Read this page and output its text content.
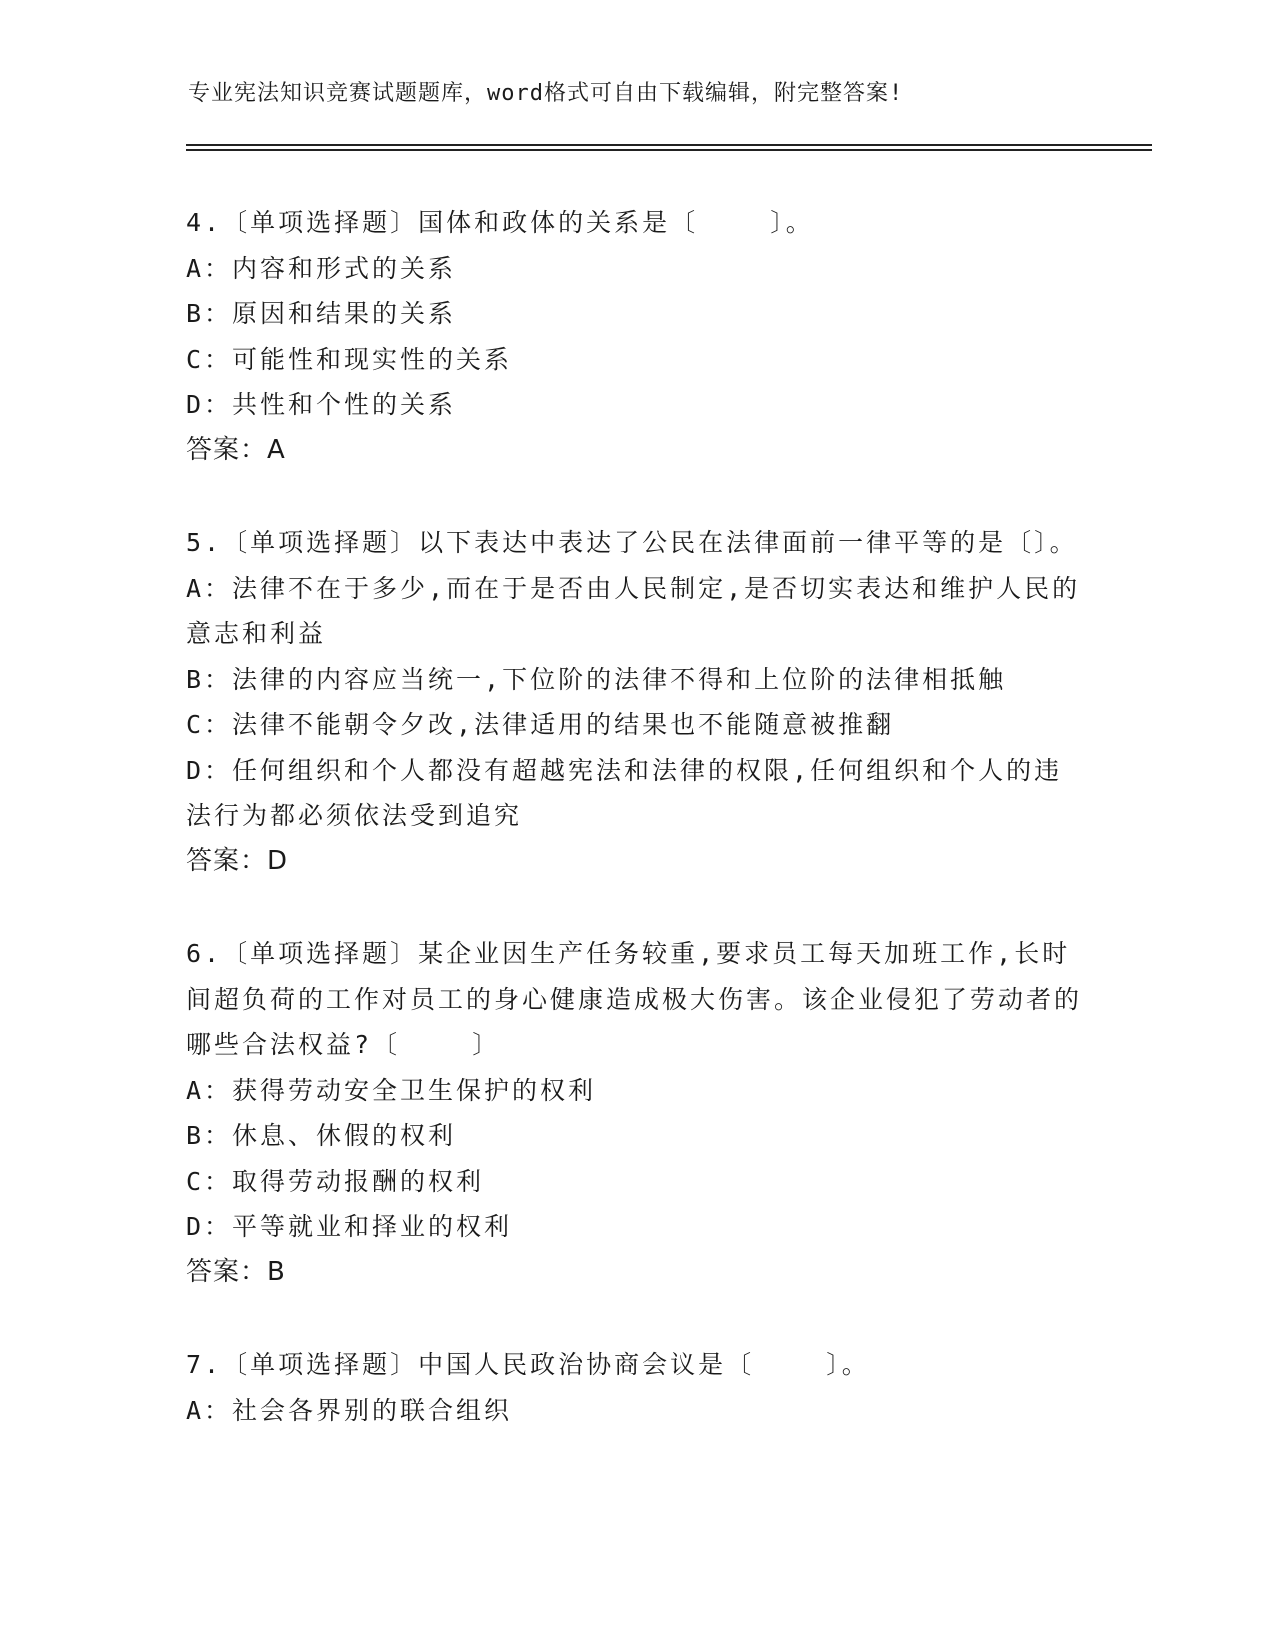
专业宪法知识竞赛试题题库，word格式可自由下载编辑，附完整答案!

4.〔单项选择题〕国体和政体的关系是〔    〕。

A：内容和形式的关系

B：原因和结果的关系

C：可能性和现实性的关系

D：共性和个性的关系

答案：A

5.〔单项选择题〕以下表达中表达了公民在法律面前一律平等的是〔〕。

A：法律不在于多少,而在于是否由人民制定,是否切实表达和维护人民的意志和利益

B：法律的内容应当统一,下位阶的法律不得和上位阶的法律相抵触

C：法律不能朝令夕改,法律适用的结果也不能随意被推翻

D：任何组织和个人都没有超越宪法和法律的权限,任何组织和个人的违法行为都必须依法受到追究

答案：D

6.〔单项选择题〕某企业因生产任务较重,要求员工每天加班工作,长时间超负荷的工作对员工的身心健康造成极大伤害。该企业侵犯了劳动者的哪些合法权益?〔    〕

A：获得劳动安全卫生保护的权利

B：休息、休假的权利

C：取得劳动报酬的权利

D：平等就业和择业的权利

答案：B

7.〔单项选择题〕中国人民政治协商会议是〔    〕。

A：社会各界别的联合组织
